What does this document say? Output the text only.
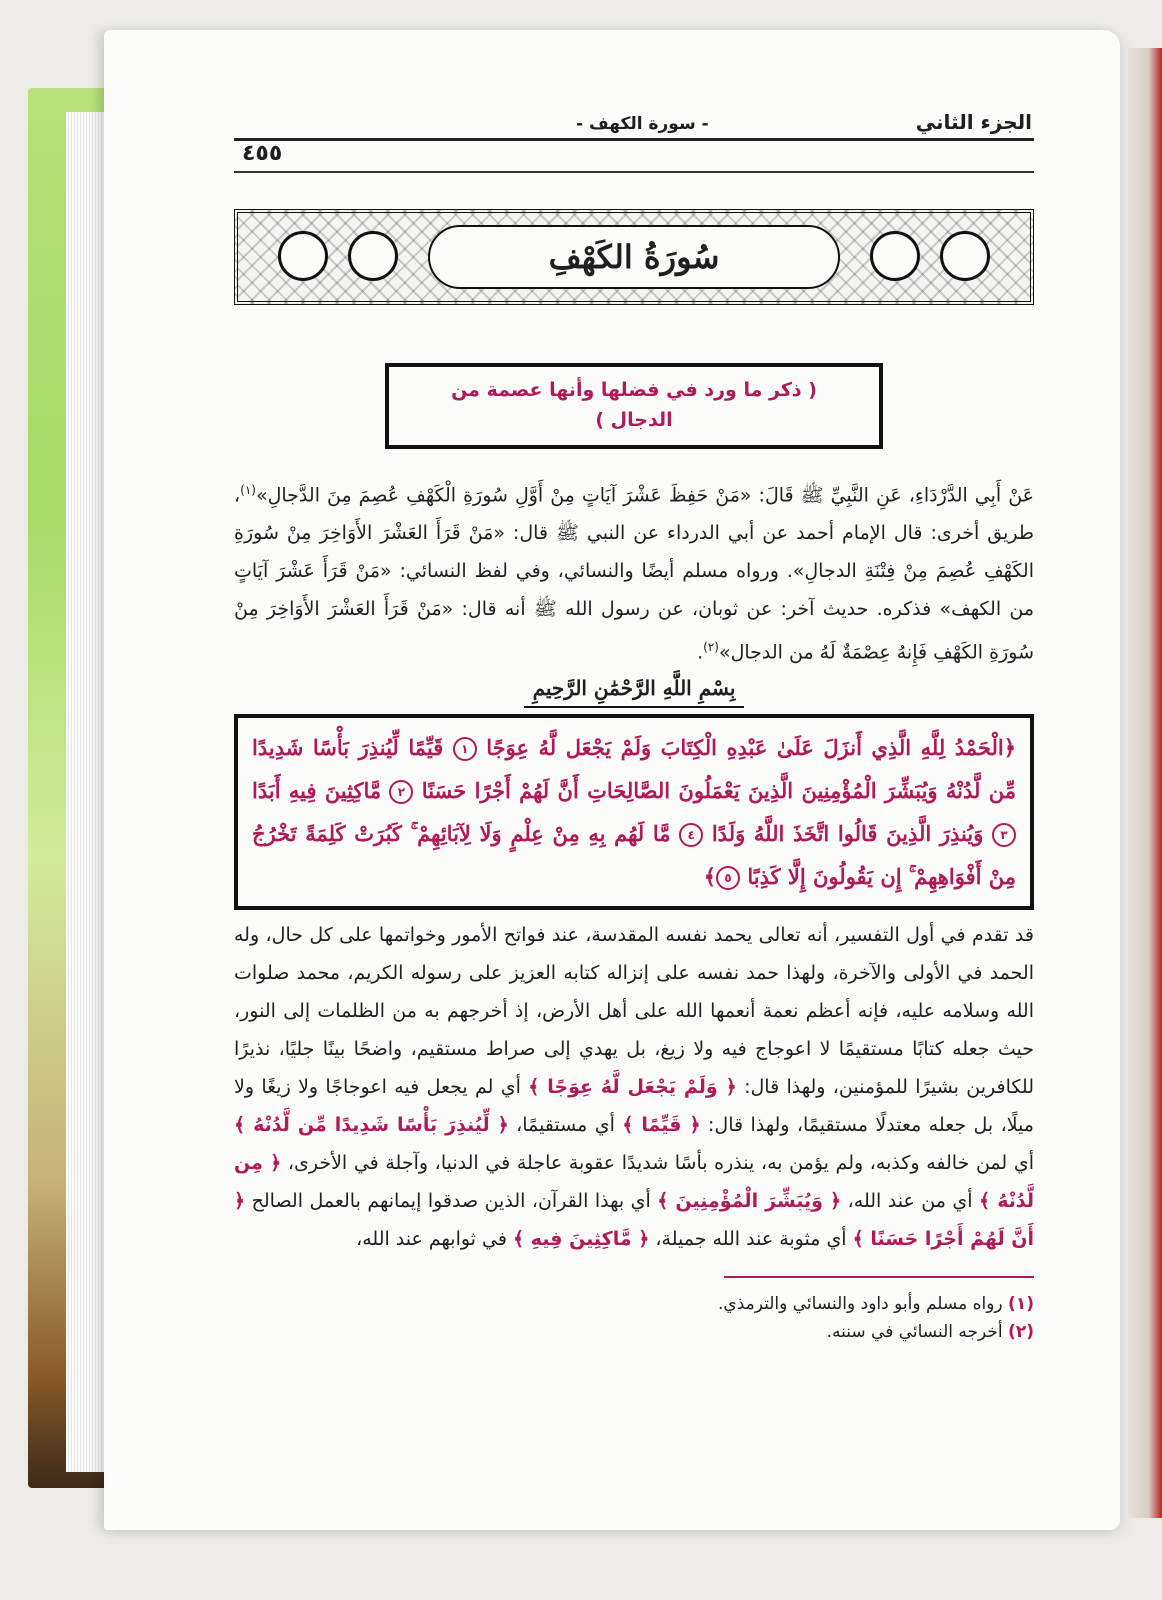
الجزء الثاني
- سورة الكهف -
٤٥٥
سُورَةُ الكَهْفِ
( ذكر ما ورد في فضلها وأنها عصمة من
الدجال )

عَنْ أَبِي الدَّرْدَاءِ، عَنِ النَّبِيِّ ﷺ قَالَ: «مَنْ حَفِظَ عَشْرَ آيَاتٍ مِنْ أَوَّلِ سُورَةِ الْكَهْفِ عُصِمَ مِنَ الدَّجالِ»$^{(١)}$، طريق أخرى: قال الإمام أحمد عن أبي الدرداء عن النبي ﷺ قال: «مَنْ قَرَأَ العَشْرَ الأَوَاخِرَ مِنْ سُورَةِ الكَهْفِ عُصِمَ مِنْ فِتْنَةِ الدجالِ». ورواه مسلم أيضًا والنسائي، وفي لفظ النسائي: «مَنْ قَرَأَ عَشْرَ آيَاتٍ من الكهف» فذكره. حديث آخر: عن ثوبان، عن رسول الله ﷺ أنه قال: «مَنْ قَرَأَ العَشْرَ الأَوَاخِرَ مِنْ سُورَةِ الكَهْفِ فَإِنهُ عِصْمَةٌ لَهُ من الدجال»$^{(٢)}$.

بِسْمِ اللَّهِ الرَّحْمَٰنِ الرَّحِيمِ
﴿الْحَمْدُ لِلَّهِ الَّذِي أَنزَلَ عَلَىٰ عَبْدِهِ الْكِتَابَ وَلَمْ يَجْعَل لَّهُ عِوَجًا ١ قَيِّمًا لِّيُنذِرَ بَأْسًا شَدِيدًا مِّن لَّدُنْهُ وَيُبَشِّرَ الْمُؤْمِنِينَ الَّذِينَ يَعْمَلُونَ الصَّالِحَاتِ أَنَّ لَهُمْ أَجْرًا حَسَنًا ٢ مَّاكِثِينَ فِيهِ أَبَدًا ٣ وَيُنذِرَ الَّذِينَ قَالُوا اتَّخَذَ اللَّهُ وَلَدًا ٤ مَّا لَهُم بِهِ مِنْ عِلْمٍ وَلَا لِآبَائِهِمْ ۚ كَبُرَتْ كَلِمَةً تَخْرُجُ مِنْ أَفْوَاهِهِمْ ۚ إِن يَقُولُونَ إِلَّا كَذِبًا ٥﴾

قد تقدم في أول التفسير، أنه تعالى يحمد نفسه المقدسة، عند فواتح الأمور وخواتمها على كل حال، وله الحمد في الأولى والآخرة، ولهذا حمد نفسه على إنزاله كتابه العزيز على رسوله الكريم، محمد صلوات الله وسلامه عليه، فإنه أعظم نعمة أنعمها الله على أهل الأرض، إذ أخرجهم به من الظلمات إلى النور، حيث جعله كتابًا مستقيمًا لا اعوجاج فيه ولا زيغ، بل يهدي إلى صراط مستقيم، واضحًا بينًا جليًا، نذيرًا للكافرين بشيرًا للمؤمنين، ولهذا قال: ﴿ وَلَمْ يَجْعَل لَّهُ عِوَجًا ﴾ أي لم يجعل فيه اعوجاجًا ولا زيغًا ولا ميلًا، بل جعله معتدلًا مستقيمًا، ولهذا قال: ﴿ قَيِّمًا ﴾ أي مستقيمًا، ﴿ لِّيُنذِرَ بَأْسًا شَدِيدًا مِّن لَّدُنْهُ ﴾ أي لمن خالفه وكذبه، ولم يؤمن به، ينذره بأسًا شديدًا عقوبة عاجلة في الدنيا، وآجلة في الأخرى، ﴿ مِن لَّدُنْهُ ﴾ أي من عند الله، ﴿ وَيُبَشِّرَ الْمُؤْمِنِينَ ﴾ أي بهذا القرآن، الذين صدقوا إيمانهم بالعمل الصالح ﴿ أَنَّ لَهُمْ أَجْرًا حَسَنًا ﴾ أي مثوبة عند الله جميلة، ﴿ مَّاكِثِينَ فِيهِ ﴾ في ثوابهم عند الله،

(١) رواه مسلم وأبو داود والنسائي والترمذي.

(٢) أخرجه النسائي في سننه.
